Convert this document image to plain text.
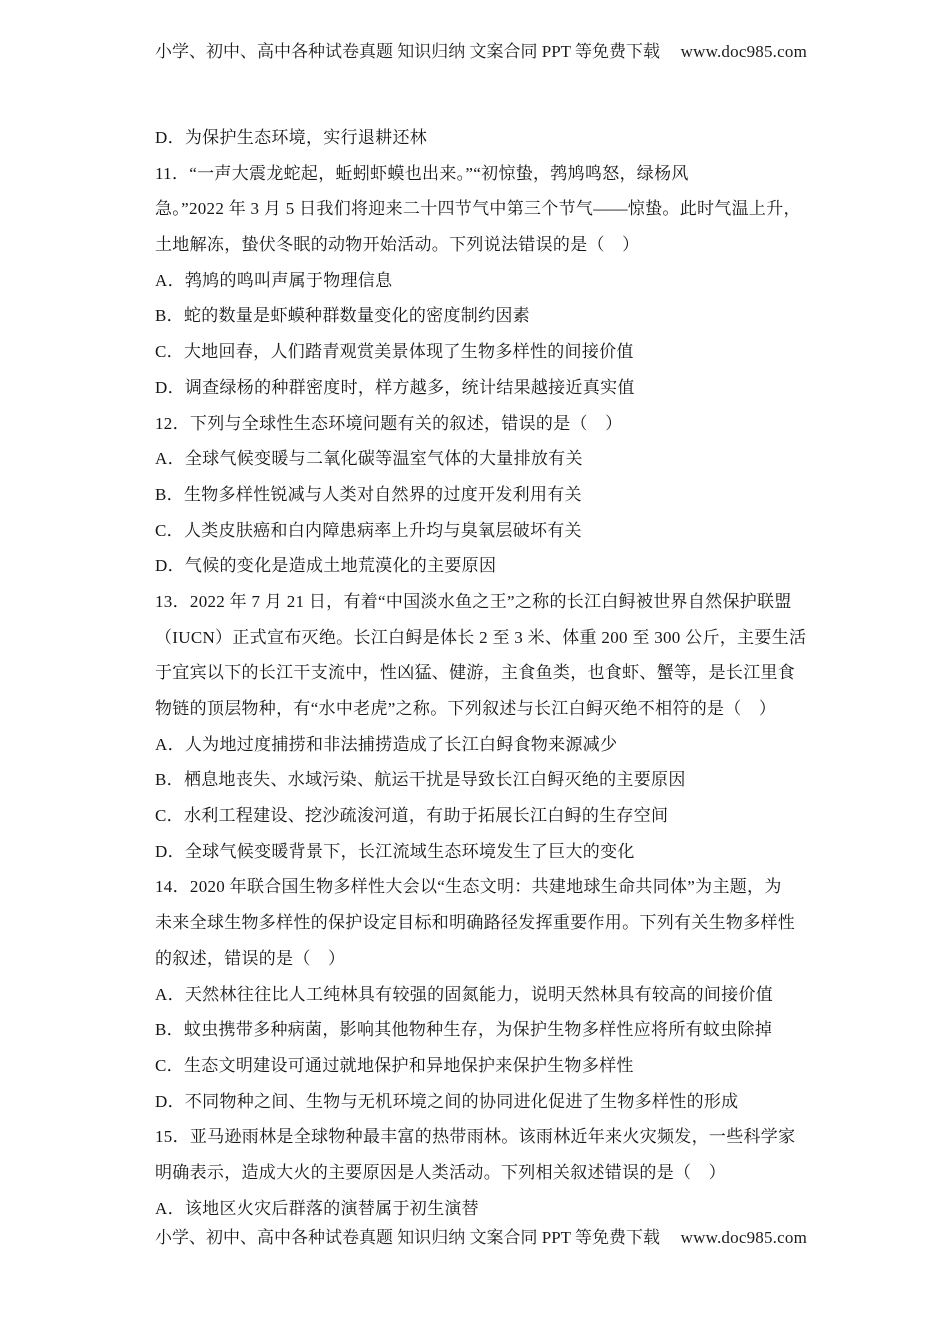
小学、初中、高中各种试卷真题 知识归纳 文案合同 PPT 等免费下载 www.doc985.com
D．为保护生态环境，实行退耕还林
11．“一声大震龙蛇起，蚯蚓虾蟆也出来。”“初惊蛰，鹁鸠鸣怒，绿杨风
急。”2022 年 3 月 5 日我们将迎来二十四节气中第三个节气——惊蛰。此时气温上升，
土地解冻，蛰伏冬眠的动物开始活动。下列说法错误的是（　）
A．鹁鸠的鸣叫声属于物理信息
B．蛇的数量是虾蟆种群数量变化的密度制约因素
C．大地回春，人们踏青观赏美景体现了生物多样性的间接价值
D．调查绿杨的种群密度时，样方越多，统计结果越接近真实值
12．下列与全球性生态环境问题有关的叙述，错误的是（　）
A．全球气候变暖与二氧化碳等温室气体的大量排放有关
B．生物多样性锐减与人类对自然界的过度开发利用有关
C．人类皮肤癌和白内障患病率上升均与臭氧层破坏有关
D．气候的变化是造成土地荒漠化的主要原因
13．2022 年 7 月 21 日，有着“中国淡水鱼之王”之称的长江白鲟被世界自然保护联盟
（IUCN）正式宣布灭绝。长江白鲟是体长 2 至 3 米、体重 200 至 300 公斤，主要生活
于宜宾以下的长江干支流中，性凶猛、健游，主食鱼类，也食虾、蟹等，是长江里食
物链的顶层物种，有“水中老虎”之称。下列叙述与长江白鲟灭绝不相符的是（　）
A．人为地过度捕捞和非法捕捞造成了长江白鲟食物来源减少
B．栖息地丧失、水域污染、航运干扰是导致长江白鲟灭绝的主要原因
C．水利工程建设、挖沙疏浚河道，有助于拓展长江白鲟的生存空间
D．全球气候变暖背景下，长江流域生态环境发生了巨大的变化
14．2020 年联合国生物多样性大会以“生态文明：共建地球生命共同体”为主题，为
未来全球生物多样性的保护设定目标和明确路径发挥重要作用。下列有关生物多样性
的叙述，错误的是（　）
A．天然林往往比人工纯林具有较强的固氮能力，说明天然林具有较高的间接价值
B．蚊虫携带多种病菌，影响其他物种生存，为保护生物多样性应将所有蚊虫除掉
C．生态文明建设可通过就地保护和异地保护来保护生物多样性
D．不同物种之间、生物与无机环境之间的协同进化促进了生物多样性的形成
15．亚马逊雨林是全球物种最丰富的热带雨林。该雨林近年来火灾频发，一些科学家
明确表示，造成大火的主要原因是人类活动。下列相关叙述错误的是（　）
A．该地区火灾后群落的演替属于初生演替
小学、初中、高中各种试卷真题 知识归纳 文案合同 PPT 等免费下载 www.doc985.com
